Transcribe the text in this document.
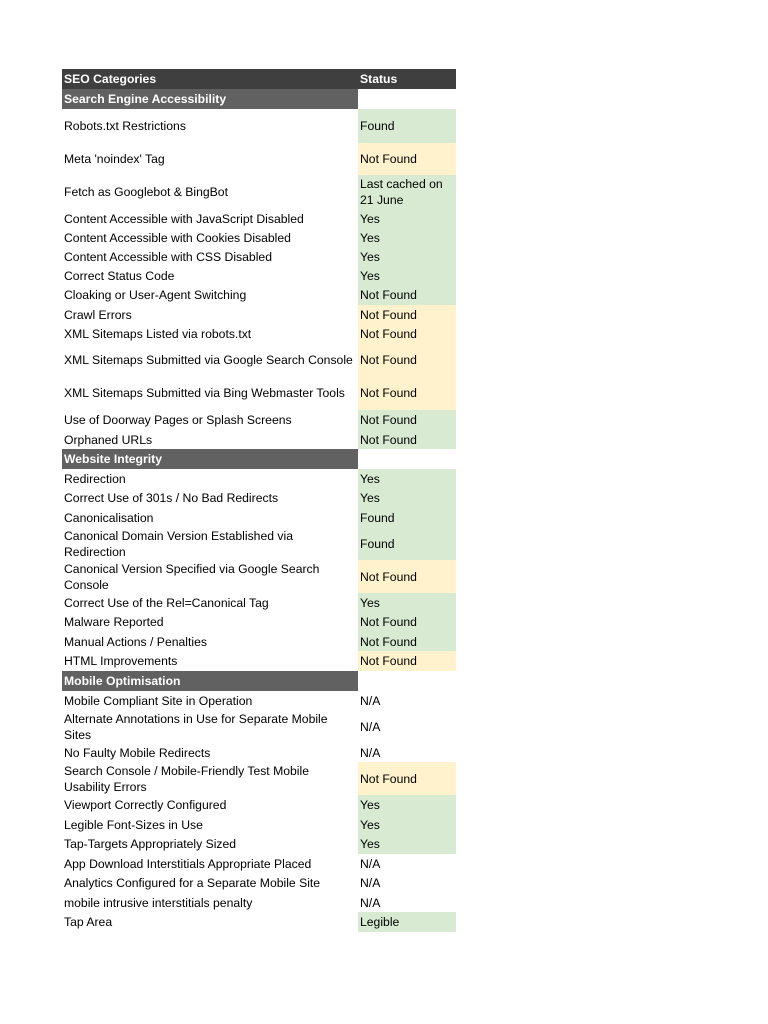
SEO Categories	Status
Search Engine Accessibility	
Robots.txt Restrictions	Found
Meta 'noindex' Tag	Not Found
Fetch as Googlebot & BingBot	Last cached on 21 June
Content Accessible with JavaScript Disabled	Yes
Content Accessible with Cookies Disabled	Yes
Content Accessible with CSS Disabled	Yes
Correct Status Code	Yes
Cloaking or User-Agent Switching	Not Found
Crawl Errors	Not Found
XML Sitemaps Listed via robots.txt	Not Found
XML Sitemaps Submitted via Google Search Console	Not Found
XML Sitemaps Submitted via Bing Webmaster Tools	Not Found
Use of Doorway Pages or Splash Screens	Not Found
Orphaned URLs	Not Found
Website Integrity	
Redirection	Yes
Correct Use of 301s / No Bad Redirects	Yes
Canonicalisation	Found
Canonical Domain Version Established via Redirection	Found
Canonical Version Specified via Google Search Console	Not Found
Correct Use of the Rel=Canonical Tag	Yes
Malware Reported	Not Found
Manual Actions / Penalties	Not Found
HTML Improvements	Not Found
Mobile Optimisation	
Mobile Compliant Site in Operation	N/A
Alternate Annotations in Use for Separate Mobile Sites	N/A
No Faulty Mobile Redirects	N/A
Search Console / Mobile-Friendly Test Mobile Usability Errors	Not Found
Viewport Correctly Configured	Yes
Legible Font-Sizes in Use	Yes
Tap-Targets Appropriately Sized	Yes
App Download Interstitials Appropriate Placed	N/A
Analytics Configured for a Separate Mobile Site	N/A
mobile intrusive interstitials penalty	N/A
Tap Area	Legible
